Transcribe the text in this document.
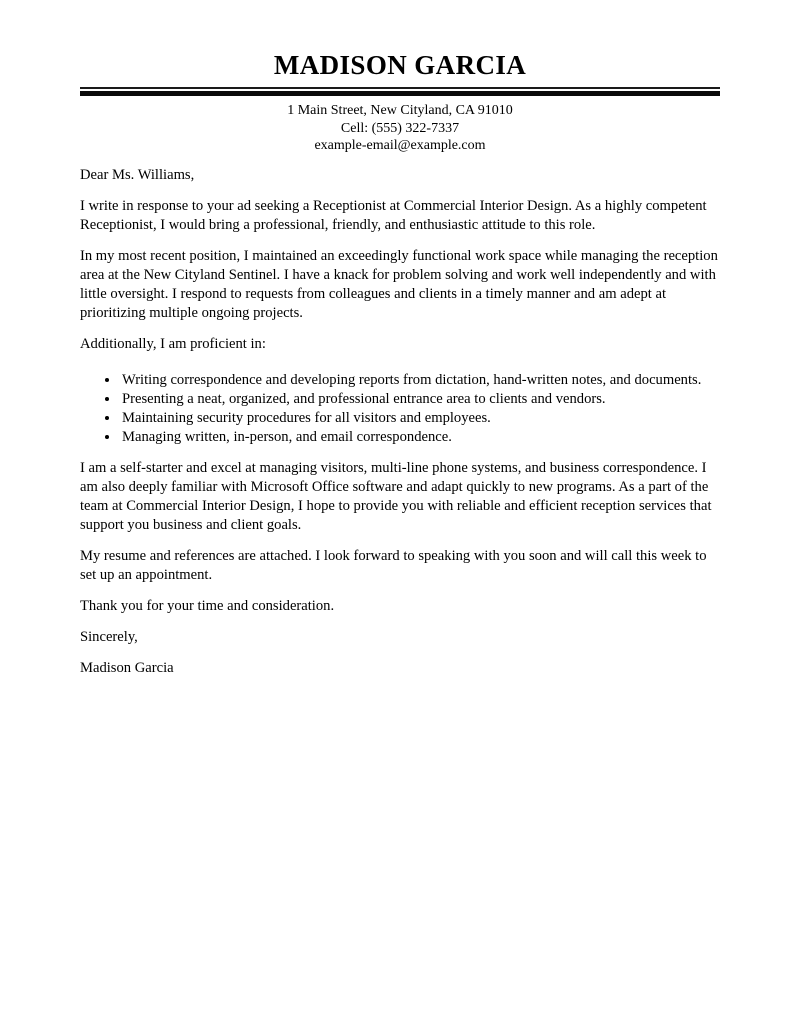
MADISON GARCIA
1 Main Street, New Cityland, CA 91010
Cell: (555) 322-7337
example-email@example.com

Dear Ms. Williams,

I write in response to your ad seeking a Receptionist at Commercial Interior Design. As a highly competent Receptionist, I would bring a professional, friendly, and enthusiastic attitude to this role.

In my most recent position, I maintained an exceedingly functional work space while managing the reception area at the New Cityland Sentinel. I have a knack for problem solving and work well independently and with little oversight. I respond to requests from colleagues and clients in a timely manner and am adept at prioritizing multiple ongoing projects.

Additionally, I am proficient in:

• Writing correspondence and developing reports from dictation, hand-written notes, and documents.
• Presenting a neat, organized, and professional entrance area to clients and vendors.
• Maintaining security procedures for all visitors and employees.
• Managing written, in-person, and email correspondence.

I am a self-starter and excel at managing visitors, multi-line phone systems, and business correspondence. I am also deeply familiar with Microsoft Office software and adapt quickly to new programs. As a part of the team at Commercial Interior Design, I hope to provide you with reliable and efficient reception services that support you business and client goals.

My resume and references are attached. I look forward to speaking with you soon and will call this week to set up an appointment.

Thank you for your time and consideration.

Sincerely,

Madison Garcia
